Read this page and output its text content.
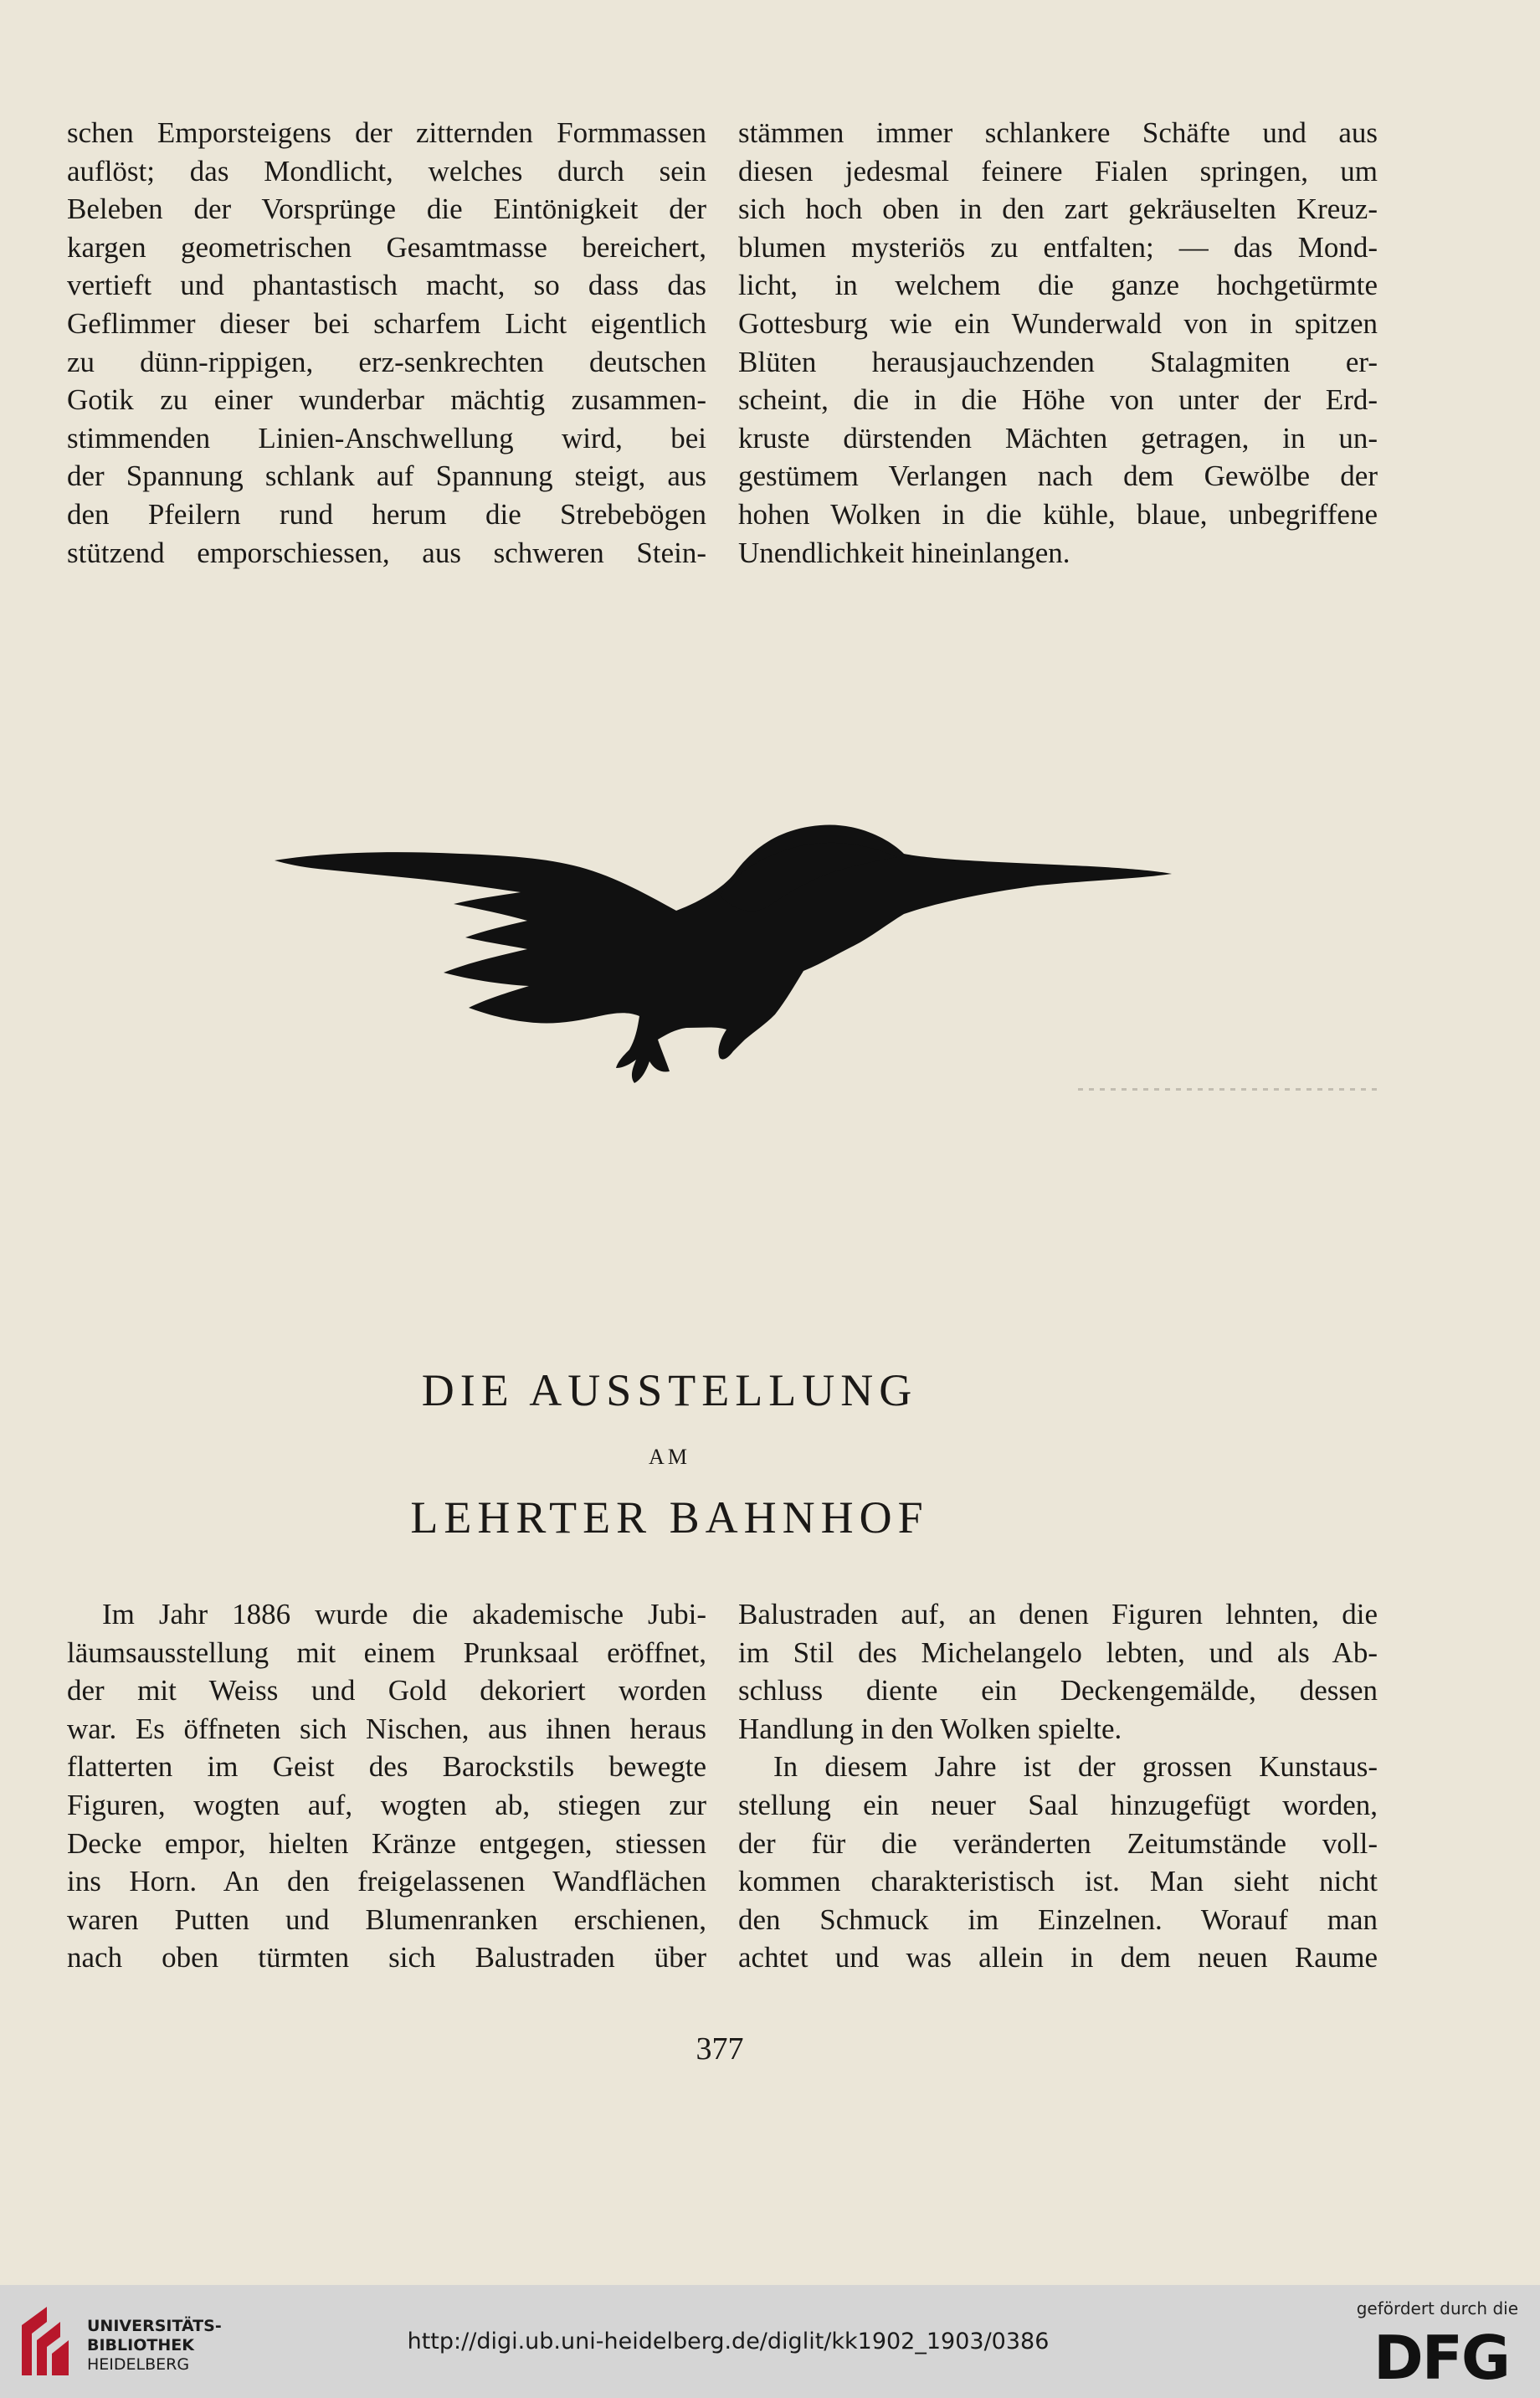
schen Emporsteigens der zitternden Formmassen
auflöst; das Mondlicht, welches durch sein
Beleben der Vorsprünge die Eintönigkeit der
kargen geometrischen Gesamtmasse bereichert,
vertieft und phantastisch macht, so dass das
Geflimmer dieser bei scharfem Licht eigentlich
zu dünn-rippigen, erz-senkrechten deutschen
Gotik zu einer wunderbar mächtig zusammen-
stimmenden Linien-Anschwellung wird, bei
der Spannung schlank auf Spannung steigt, aus
den Pfeilern rund herum die Strebebögen
stützend emporschiessen, aus schweren Stein-
stämmen immer schlankere Schäfte und aus
diesen jedesmal feinere Fialen springen, um
sich hoch oben in den zart gekräuselten Kreuz-
blumen mysteriös zu entfalten; — das Mond-
licht, in welchem die ganze hochgetürmte
Gottesburg wie ein Wunderwald von in spitzen
Blüten herausjauchzenden Stalagmiten er-
scheint, die in die Höhe von unter der Erd-
kruste dürstenden Mächten getragen, in un-
gestümem Verlangen nach dem Gewölbe der
hohen Wolken in die kühle, blaue, unbegriffene
Unendlichkeit hineinlangen.
DIE AUSSTELLUNG
AM
LEHRTER BAHNHOF
Im Jahr 1886 wurde die akademische Jubi-
läumsausstellung mit einem Prunksaal eröffnet,
der mit Weiss und Gold dekoriert worden
war. Es öffneten sich Nischen, aus ihnen heraus
flatterten im Geist des Barockstils bewegte
Figuren, wogten auf, wogten ab, stiegen zur
Decke empor, hielten Kränze entgegen, stiessen
ins Horn. An den freigelassenen Wandflächen
waren Putten und Blumenranken erschienen,
nach oben türmten sich Balustraden über
Balustraden auf, an denen Figuren lehnten, die
im Stil des Michelangelo lebten, und als Ab-
schluss diente ein Deckengemälde, dessen
Handlung in den Wolken spielte.
In diesem Jahre ist der grossen Kunstaus-
stellung ein neuer Saal hinzugefügt worden,
der für die veränderten Zeitumstände voll-
kommen charakteristisch ist. Man sieht nicht
den Schmuck im Einzelnen. Worauf man
achtet und was allein in dem neuen Raume
377
UNIVERSITÄTS-
BIBLIOTHEK
HEIDELBERG
http://digi.ub.uni-heidelberg.de/diglit/kk1902_1903/0386
gefördert durch die
DFG
